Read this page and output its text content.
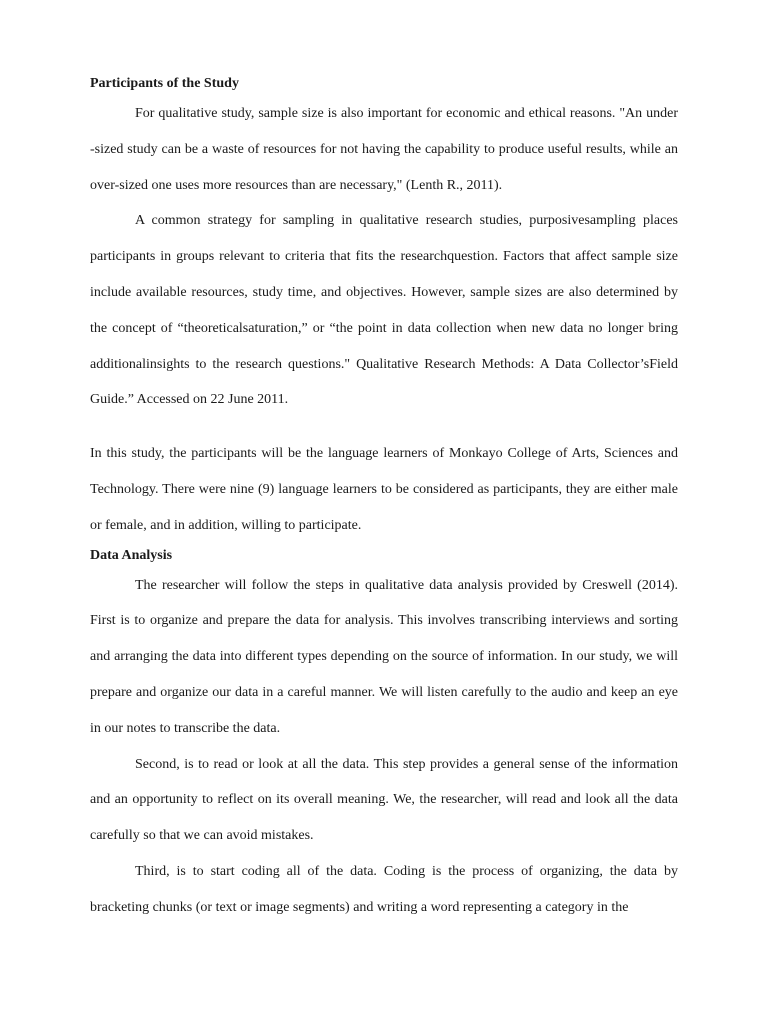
Participants of the Study

For qualitative study, sample size is also important for economic and ethical reasons. "An under -sized study can be a waste of resources for not having the capability to produce useful results, while an over-sized one uses more resources than are necessary," (Lenth R., 2011).

A common strategy for sampling in qualitative research studies, purposivesampling places participants in groups relevant to criteria that fits the researchquestion. Factors that affect sample size include available resources, study time, and objectives. However, sample sizes are also determined by the concept of “theoreticalsaturation,” or “the point in data collection when new data no longer bring additionalinsights to the research questions." Qualitative Research Methods: A Data Collector’sField Guide.” Accessed on 22 June 2011.

In this study, the participants will be the language learners of Monkayo College of Arts, Sciences and Technology. There were nine (9) language learners to be considered as participants, they are either male or female, and in addition, willing to participate.

Data Analysis

The researcher will follow the steps in qualitative data analysis provided by Creswell (2014). First is to organize and prepare the data for analysis. This involves transcribing interviews and sorting and arranging the data into different types depending on the source of information. In our study, we will prepare and organize our data in a careful manner. We will listen carefully to the audio and keep an eye in our notes to transcribe the data.

Second, is to read or look at all the data. This step provides a general sense of the information and an opportunity to reflect on its overall meaning. We, the researcher, will read and look all the data carefully so that we can avoid mistakes.

Third, is to start coding all of the data. Coding is the process of organizing, the data by bracketing chunks (or text or image segments) and writing a word representing a category in the
